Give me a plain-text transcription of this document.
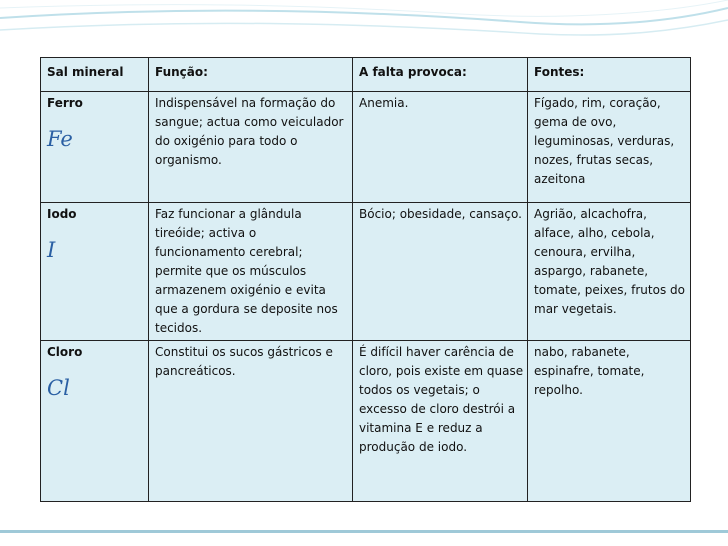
Sal mineral	Função:	A falta provoca:	Fontes:

Ferro
Fe	Indispensável na formação do sangue; actua como veiculador do oxigénio para todo o organismo.	Anemia.	Fígado, rim, coração, gema de ovo, leguminosas, verduras, nozes, frutas secas, azeitona

Iodo
I	Faz funcionar a glândula tireóide; activa o funcionamento cerebral; permite que os músculos armazenem oxigénio e evita que a gordura se deposite nos tecidos.	Bócio; obesidade, cansaço.	Agrião, alcachofra, alface, alho, cebola, cenoura, ervilha, aspargo, rabanete, tomate, peixes, frutos do mar vegetais.

Cloro
Cl	Constitui os sucos gástricos e pancreáticos.	É difícil haver carência de cloro, pois existe em quase todos os vegetais; o excesso de cloro destrói a vitamina E e reduz a produção de iodo.	nabo, rabanete, espinafre, tomate, repolho.
